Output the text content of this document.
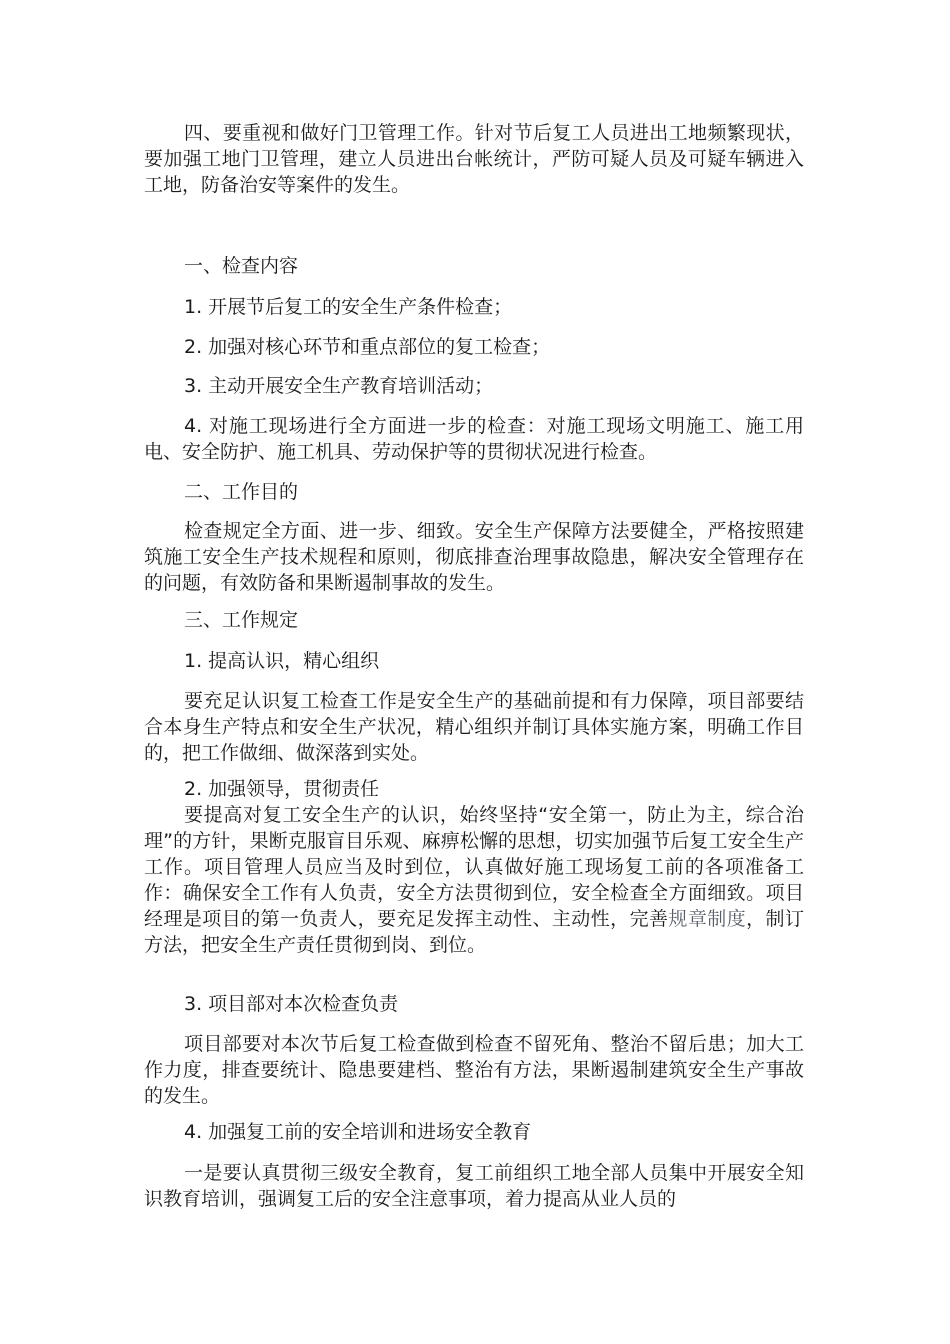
四、要重视和做好门卫管理工作。针对节后复工人员进出工地频繁现状，要加强工地门卫管理，建立人员进出台帐统计，严防可疑人员及可疑车辆进入工地，防备治安等案件的发生。

一、检查内容

1. 开展节后复工的安全生产条件检查；

2. 加强对核心环节和重点部位的复工检查；

3. 主动开展安全生产教育培训活动；

4. 对施工现场进行全方面进一步的检查：对施工现场文明施工、施工用电、安全防护、施工机具、劳动保护等的贯彻状况进行检查。

二、工作目的

检查规定全方面、进一步、细致。安全生产保障方法要健全，严格按照建筑施工安全生产技术规程和原则，彻底排查治理事故隐患，解决安全管理存在的问题，有效防备和果断遏制事故的发生。

三、工作规定

1. 提高认识，精心组织

要充足认识复工检查工作是安全生产的基础前提和有力保障，项目部要结合本身生产特点和安全生产状况，精心组织并制订具体实施方案，明确工作目的，把工作做细、做深落到实处。

2. 加强领导，贯彻责任

要提高对复工安全生产的认识，始终坚持“安全第一，防止为主，综合治理”的方针，果断克服盲目乐观、麻痹松懈的思想，切实加强节后复工安全生产工作。项目管理人员应当及时到位，认真做好施工现场复工前的各项准备工作：确保安全工作有人负责，安全方法贯彻到位，安全检查全方面细致。项目经理是项目的第一负责人，要充足发挥主动性、主动性，完善规章制度，制订方法，把安全生产责任贯彻到岗、到位。

3. 项目部对本次检查负责

项目部要对本次节后复工检查做到检查不留死角、整治不留后患；加大工作力度，排查要统计、隐患要建档、整治有方法，果断遏制建筑安全生产事故的发生。

4. 加强复工前的安全培训和进场安全教育

一是要认真贯彻三级安全教育，复工前组织工地全部人员集中开展安全知识教育培训，强调复工后的安全注意事项，着力提高从业人员的
